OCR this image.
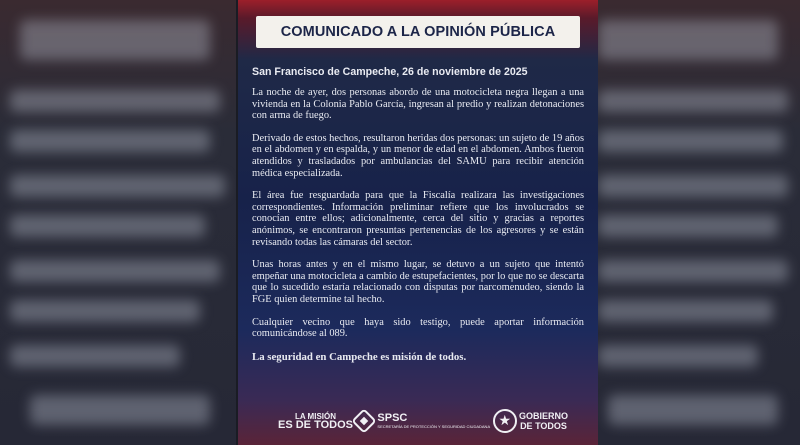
COMUNICADO A LA OPINIÓN PÚBLICA
San Francisco de Campeche, 26 de noviembre de 2025

La noche de ayer, dos personas abordo de una motocicleta negra llegan a una vivienda en la Colonia Pablo García, ingresan al predio y realizan detonaciones con arma de fuego.

Derivado de estos hechos, resultaron heridas dos personas: un sujeto de 19 años en el abdomen y en espalda, y un menor de edad en el abdomen. Ambos fueron atendidos y trasladados por ambulancias del SAMU para recibir atención médica especializada.

El área fue resguardada para que la Fiscalía realizara las investigaciones correspondientes. Información preliminar refiere que los involucrados se conocían entre ellos; adicionalmente, cerca del sitio y gracias a reportes anónimos, se encontraron presuntas pertenencias de los agresores y se están revisando todas las cámaras del sector.

Unas horas antes y en el mismo lugar, se detuvo a un sujeto que intentó empeñar una motocicleta a cambio de estupefacientes, por lo que no se descarta que lo sucedido estaría relacionado con disputas por narcomenudeo, siendo la FGE quien determine tal hecho.

Cualquier vecino que haya sido testigo, puede aportar información comunicándose al 089.

La seguridad en Campeche es misión de todos.
LA MISIÓN
ES DE TODOS
SPSC
SECRETARÍA DE PROTECCIÓN Y SEGURIDAD CIUDADANA
★
GOBIERNO
DE TODOS
